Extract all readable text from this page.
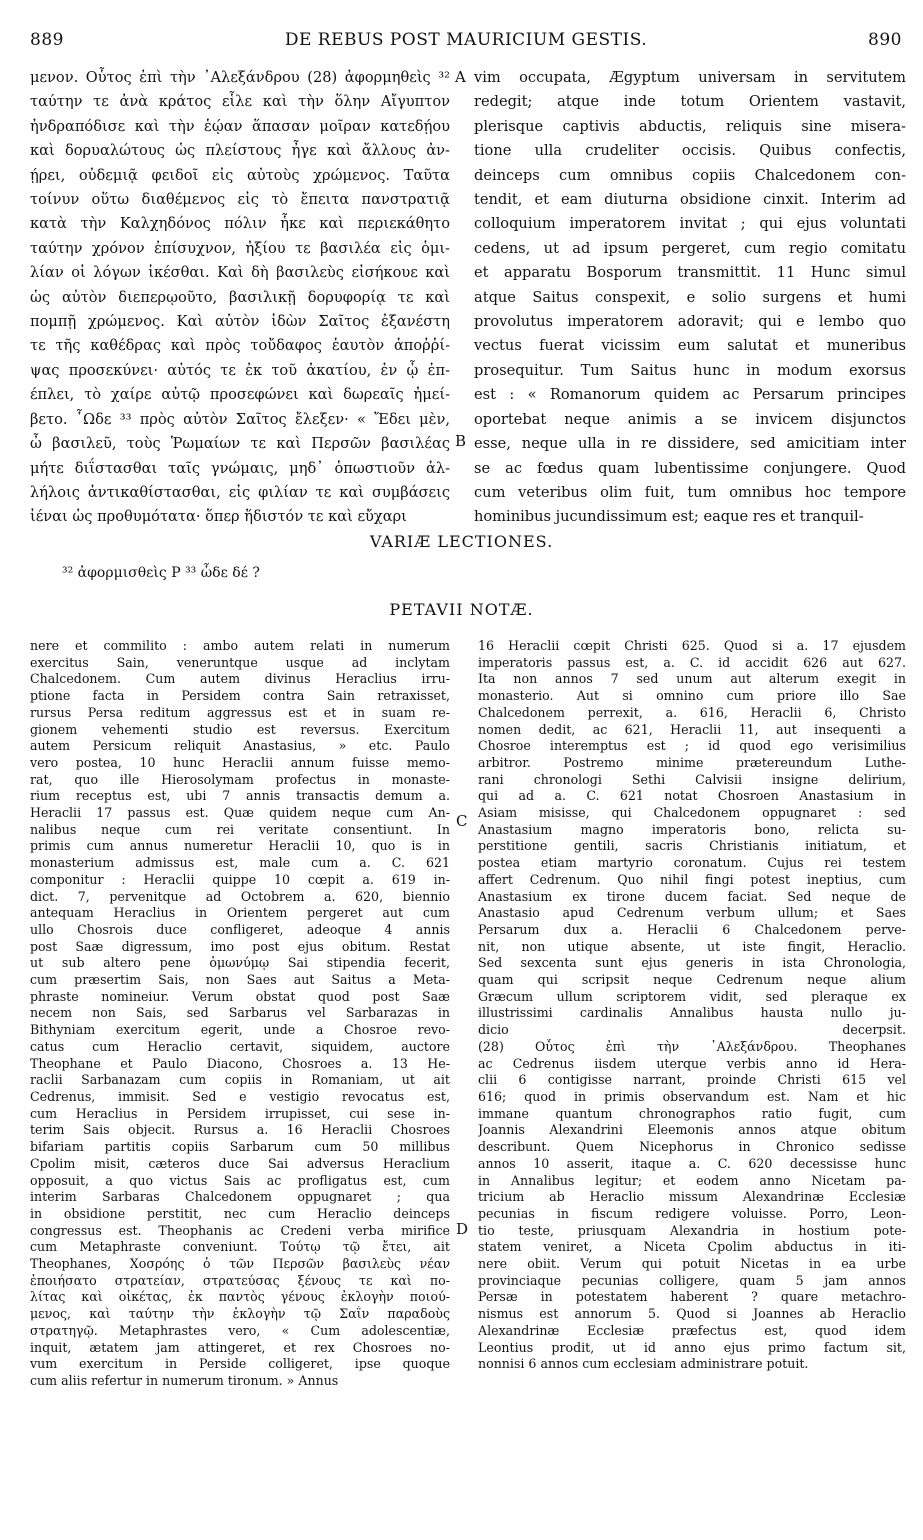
889	DE REBUS POST MAURICIUM GESTIS.	890
μενον. Οὗτος ἐπὶ τὴν ᾿Αλεξάνδρου (28) ἀφορμηθεὶς ³²
ταύτην τε ἀνὰ κράτος εἷλε καὶ τὴν ὅλην Αἴγυπτον
ἠνδραπόδισε καὶ τὴν ἑῴαν ἅπασαν μοῖραν κατεδῄου
καὶ δορυαλώτους ὡς πλείστους ἦγε καὶ ἄλλους ἀν-
ῄρει, οὐδεμιᾷ φειδοῖ εἰς αὐτοὺς χρώμενος. Ταῦτα
τοίνυν οὕτω διαθέμενος εἰς τὸ ἔπειτα πανστρατιᾷ
κατὰ τὴν Καλχηδόνος πόλιν ἧκε καὶ περιεκάθητο
ταύτην χρόνον ἐπίσυχνον, ἠξίου τε βασιλέα εἰς ὁμι-
λίαν οἱ λόγων ἱκέσθαι. Καὶ δὴ βασιλεὺς εἰσήκουε καὶ
ὡς αὐτὸν διεπερῳοῦτο, βασιλικῇ δορυφορίᾳ τε καὶ
πομπῇ χρώμενος. Καὶ αὐτὸν ἰδὼν Σαῖτος ἐξανέστη
τε τῆς καθέδρας καὶ πρὸς τοὔδαφος ἑαυτὸν ἀποῤῥί-
ψας προσεκύνει· αὐτός τε ἐκ τοῦ ἀκατίου, ἐν ᾧ ἐπ-
έπλει, τὸ χαίρε αὐτῷ προσεφώνει καὶ δωρεαῖς ἠμεί-
βετο. ῟Ωδε ³³ πρὸς αὐτὸν Σαῖτος ἔλεξεν· « Ἔδει μὲν,
ὦ βασιλεῦ, τοὺς Ῥωμαίων τε καὶ Περσῶν βασιλέας
μήτε διΐστασθαι ταῖς γνώμαις, μηδ᾽ ὁπωστιοῦν ἀλ-
λήλοις ἀντικαθίστασθαι, εἰς φιλίαν τε καὶ συμβάσεις
ἰέναι ὡς προθυμότατα· ὅπερ ἥδιστόν τε καὶ εὔχαρι
vim occupata, Ægyptum universam in servitutem
redegit; atque inde totum Orientem vastavit,
plerisque captivis abductis, reliquis sine misera-
tione ulla crudeliter occisis. Quibus confectis,
deinceps cum omnibus copiis Chalcedonem con-
tendit, et eam diuturna obsidione cinxit. Interim ad
colloquium imperatorem invitat ; qui ejus voluntati
cedens, ut ad ipsum pergeret, cum regio comitatu
et apparatu Bosporum transmittit. 11 Hunc simul
atque Saitus conspexit, e solio surgens et humi
provolutus imperatorem adoravit; qui e lembo quo
vectus fuerat vicissim eum salutat et muneribus
prosequitur. Tum Saitus hunc in modum exorsus
est : « Romanorum quidem ac Persarum principes
oportebat neque animis a se invicem disjunctos
esse, neque ulla in re dissidere, sed amicitiam inter
se ac fœdus quam lubentissime conjungere. Quod
cum veteribus olim fuit, tum omnibus hoc tempore
hominibus jucundissimum est; eaque res et tranquil-
A
B
C
D
VARIÆ LECTIONES.
³² ἀφορμισθεὶς P ³³ ὧδε δέ ?
PETAVII NOTÆ.
nere et commilito : ambo autem relati in numerum
exercitus Sain, veneruntque usque ad inclytam
Chalcedonem. Cum autem divinus Heraclius irru-
ptione facta in Persidem contra Sain retraxisset,
rursus Persa reditum aggressus est et in suam re-
gionem vehementi studio est reversus. Exercitum
autem Persicum reliquit Anastasius, » etc. Paulo
vero postea, 10 hunc Heraclii annum fuisse memo-
rat, quo ille Hierosolymam profectus in monaste-
rium receptus est, ubi 7 annis transactis demum a.
Heraclii 17 passus est. Quæ quidem neque cum An-
nalibus neque cum rei veritate consentiunt. In
primis cum annus numeretur Heraclii 10, quo is in
monasterium admissus est, male cum a. C. 621
componitur : Heraclii quippe 10 cœpit a. 619 in-
dict. 7, pervenitque ad Octobrem a. 620, biennio
antequam Heraclius in Orientem pergeret aut cum
ullo Chosrois duce confligeret, adeoque 4 annis
post Saæ digressum, imo post ejus obitum. Restat
ut sub altero pene ὁμωνύμῳ Sai stipendia fecerit,
cum præsertim Sais, non Saes aut Saitus a Meta-
phraste nomineiur. Verum obstat quod post Saæ
necem non Sais, sed Sarbarus vel Sarbarazas in
Bithyniam exercitum egerit, unde a Chosroe revo-
catus cum Heraclio certavit, siquidem, auctore
Theophane et Paulo Diacono, Chosroes a. 13 He-
raclii Sarbanazam cum copiis in Romaniam, ut ait
Cedrenus, immisit. Sed e vestigio revocatus est,
cum Heraclius in Persidem irrupisset, cui sese in-
terim Sais objecit. Rursus a. 16 Heraclii Chosroes
bifariam partitis copiis Sarbarum cum 50 millibus
Cpolim misit, cæteros duce Sai adversus Heraclium
opposuit, a quo victus Sais ac profligatus est, cum
interim Sarbaras Chalcedonem oppugnaret ; qua
in obsidione perstitit, nec cum Heraclio deinceps
congressus est. Theophanis ac Credeni verba mirifice
cum Metaphraste conveniunt. Τούτῳ τῷ ἔτει, ait
Theophanes, Χοσρόης ὁ τῶν Περσῶν βασιλεὺς νέαν
ἐποιήσατο στρατείαν, στρατεύσας ξένους τε καὶ πο-
λίτας καὶ οἰκέτας, ἐκ παντὸς γένους ἐκλογὴν ποιού-
μενος, καὶ ταύτην τὴν ἐκλογὴν τῷ Σαΐν παραδοὺς
στρατηγῷ. Metaphrastes vero, « Cum adolescentiæ,
inquit, ætatem jam attingeret, et rex Chosroes no-
vum exercitum in Perside colligeret, ipse quoque
cum aliis refertur in numerum tironum. » Annus
16 Heraclii cœpit Christi 625. Quod si a. 17 ejusdem
imperatoris passus est, a. C. id accidit 626 aut 627.
Ita non annos 7 sed unum aut alterum exegit in
monasterio. Aut si omnino cum priore illo Sae
Chalcedonem perrexit, a. 616, Heraclii 6, Christo
nomen dedit, ac 621, Heraclii 11, aut insequenti a
Chosroe interemptus est ; id quod ego verisimilius
arbitror. Postremo minime prætereundum Luthe-
rani chronologi Sethi Calvisii insigne delirium,
qui ad a. C. 621 notat Chosroen Anastasium in
Asiam misisse, qui Chalcedonem oppugnaret : sed
Anastasium magno imperatoris bono, relicta su-
perstitione gentili, sacris Christianis initiatum, et
postea etiam martyrio coronatum. Cujus rei testem
affert Cedrenum. Quo nihil fingi potest ineptius, cum
Anastasium ex tirone ducem faciat. Sed neque de
Anastasio apud Cedrenum verbum ullum; et Saes
Persarum dux a. Heraclii 6 Chalcedonem perve-
nit, non utique absente, ut iste fingit, Heraclio.
Sed sexcenta sunt ejus generis in ista Chronologia,
quam qui scripsit neque Cedrenum neque alium
Græcum ullum scriptorem vidit, sed pleraque ex
illustrissimi cardinalis Annalibus hausta nullo ju-
dicio decerpsit.
(28) Οὗτος ἐπὶ τὴν ᾿Αλεξάνδρου. Theophanes
ac Cedrenus iisdem uterque verbis anno id Hera-
clii 6 contigisse narrant, proinde Christi 615 vel
616; quod in primis observandum est. Nam et hic
immane quantum chronographos ratio fugit, cum
Joannis Alexandrini Eleemonis annos atque obitum
describunt. Quem Nicephorus in Chronico sedisse
annos 10 asserit, itaque a. C. 620 decessisse hunc
in Annalibus legitur; et eodem anno Nicetam pa-
tricium ab Heraclio missum Alexandrinæ Ecclesiæ
pecunias in fiscum redigere voluisse. Porro, Leon-
tio teste, priusquam Alexandria in hostium pote-
statem veniret, a Niceta Cpolim abductus in iti-
nere obiit. Verum qui potuit Nicetas in ea urbe
provinciaque pecunias colligere, quam 5 jam annos
Persæ in potestatem haberent ? quare metachro-
nismus est annorum 5. Quod si Joannes ab Heraclio
Alexandrinæ Ecclesiæ præfectus est, quod idem
Leontius prodit, ut id anno ejus primo factum sit,
nonnisi 6 annos cum ecclesiam administrare potuit.
